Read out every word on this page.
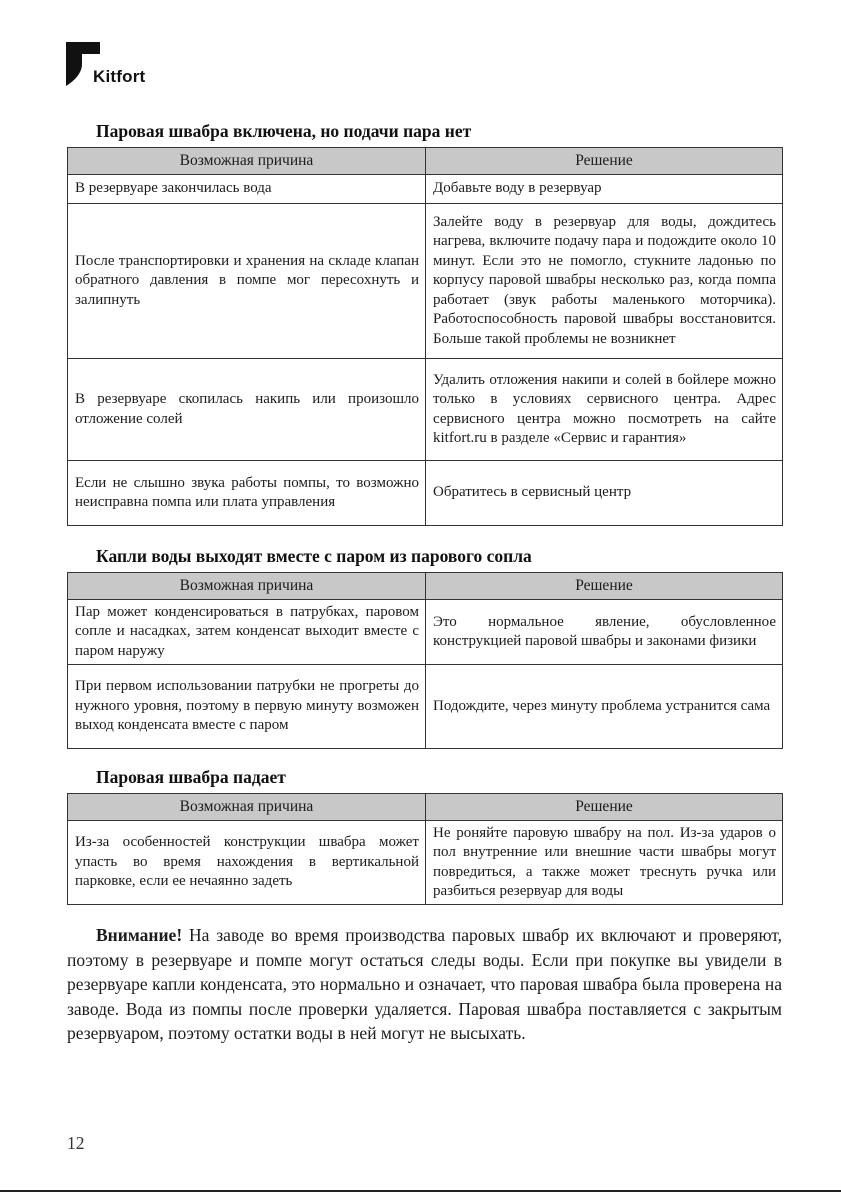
Kitfort
Паровая швабра включена, но подачи пара нет
Возможная причина	Решение
В резервуаре закончилась вода	Добавьте воду в резервуар
После транспортировки и хранения на складе клапан обратного давления в помпе мог пересохнуть и залипнуть	Залейте воду в резервуар для воды, дождитесь нагрева, включите подачу пара и подождите около 10 минут. Если это не помогло, стукните ладонью по корпусу паровой швабры несколько раз, когда помпа работает (звук работы маленького моторчика). Работоспособность паровой швабры восстановится. Больше такой проблемы не возникнет
В резервуаре скопилась накипь или произошло отложение солей	Удалить отложения накипи и солей в бойлере можно только в условиях сервисного центра. Адрес сервисного центра можно посмотреть на сайте kitfort.ru в разделе «Сервис и гарантия»
Если не слышно звука работы помпы, то возможно неисправна помпа или плата управления	Обратитесь в сервисный центр
Капли воды выходят вместе с паром из парового сопла
Возможная причина	Решение
Пар может конденсироваться в патрубках, паровом сопле и насадках, затем конденсат выходит вместе с паром наружу	Это нормальное явление, обусловленное конструкцией паровой швабры и законами физики
При первом использовании патрубки не прогреты до нужного уровня, поэтому в первую минуту возможен выход конденсата вместе с паром	Подождите, через минуту проблема устранится сама
Паровая швабра падает
Возможная причина	Решение
Из-за особенностей конструкции швабра может упасть во время нахождения в вертикальной парковке, если ее нечаянно задеть	Не роняйте паровую швабру на пол. Из-за ударов о пол внутренние или внешние части швабры могут повредиться, а также может треснуть ручка или разбиться резервуар для воды

Внимание! На заводе во время производства паровых швабр их включают и проверяют, поэтому в резервуаре и помпе могут остаться следы воды. Если при покупке вы увидели в резервуаре капли конденсата, это нормально и означает, что паровая швабра была проверена на заводе. Вода из помпы после проверки удаляется. Паровая швабра поставляется с закрытым резервуаром, поэтому остатки воды в ней могут не высыхать.

12
